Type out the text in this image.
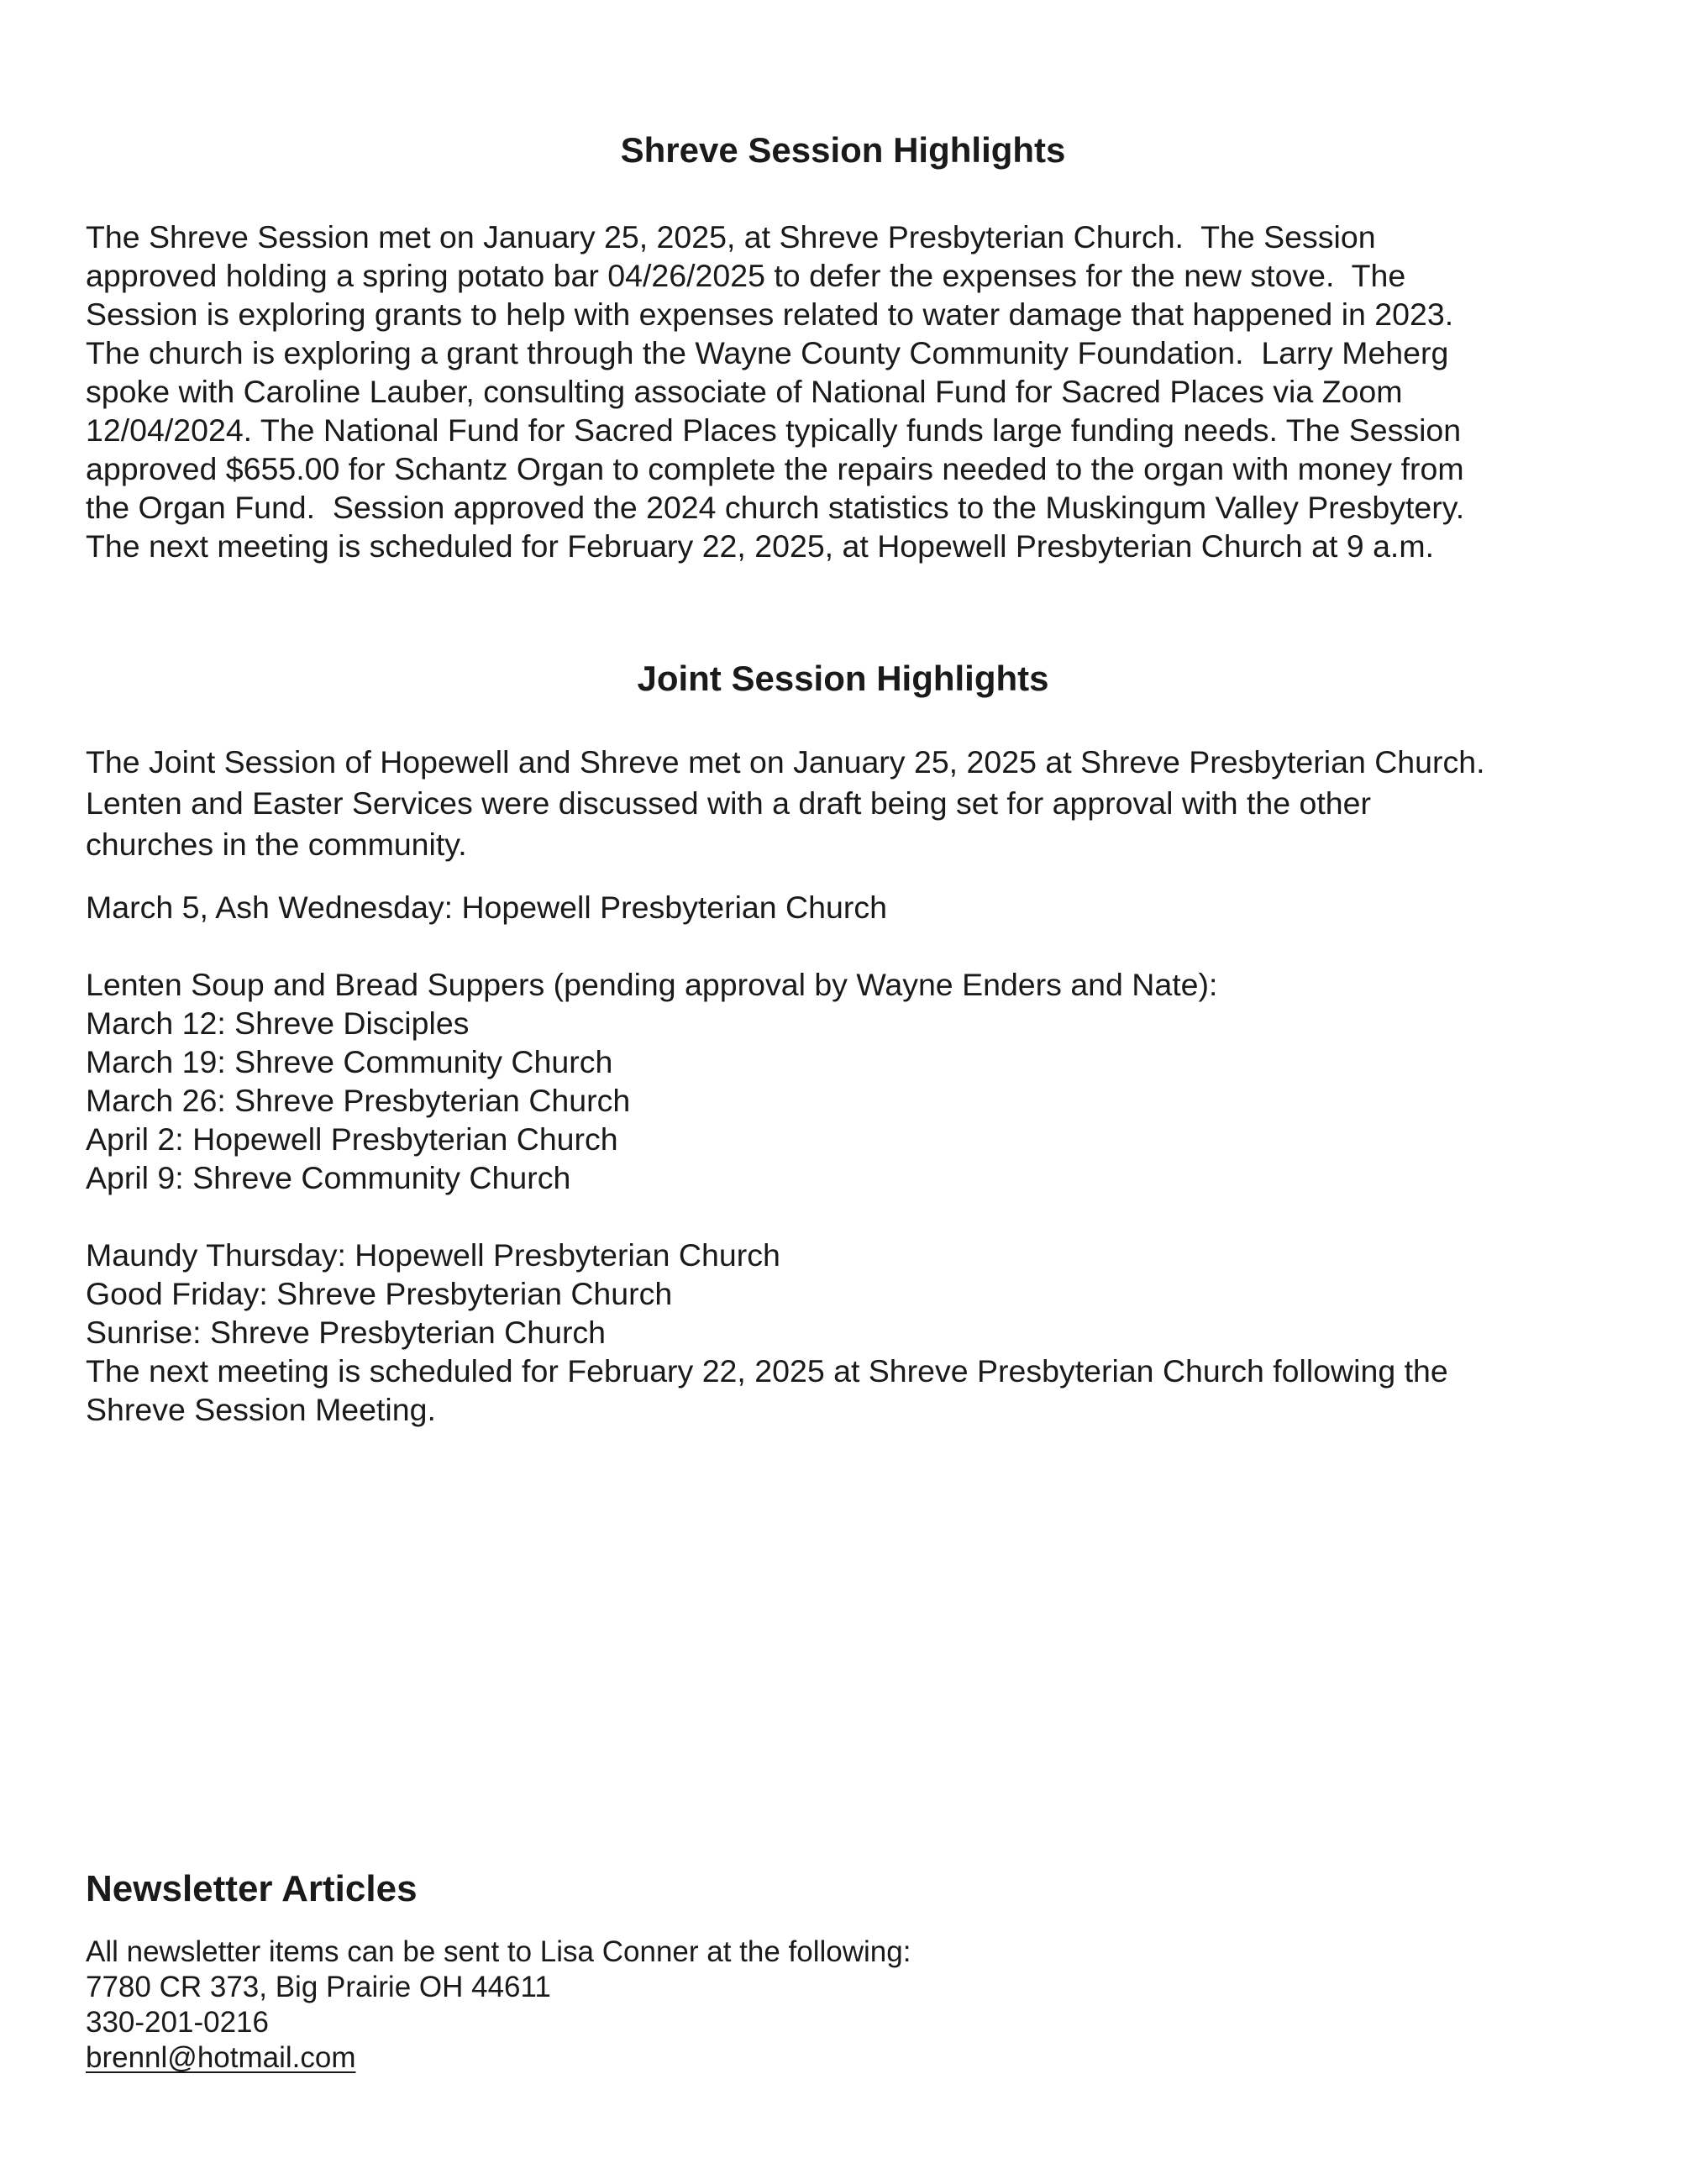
Shreve Session Highlights
The Shreve Session met on January 25, 2025, at Shreve Presbyterian Church.  The Session
approved holding a spring potato bar 04/26/2025 to defer the expenses for the new stove.  The
Session is exploring grants to help with expenses related to water damage that happened in 2023.
The church is exploring a grant through the Wayne County Community Foundation.  Larry Meherg
spoke with Caroline Lauber, consulting associate of National Fund for Sacred Places via Zoom
12/04/2024. The National Fund for Sacred Places typically funds large funding needs. The Session
approved $655.00 for Schantz Organ to complete the repairs needed to the organ with money from
the Organ Fund.  Session approved the 2024 church statistics to the Muskingum Valley Presbytery.
The next meeting is scheduled for February 22, 2025, at Hopewell Presbyterian Church at 9 a.m.
Joint Session Highlights
The Joint Session of Hopewell and Shreve met on January 25, 2025 at Shreve Presbyterian Church.
Lenten and Easter Services were discussed with a draft being set for approval with the other
churches in the community.
March 5, Ash Wednesday: Hopewell Presbyterian Church
Lenten Soup and Bread Suppers (pending approval by Wayne Enders and Nate):
March 12: Shreve Disciples
March 19: Shreve Community Church
March 26: Shreve Presbyterian Church
April 2: Hopewell Presbyterian Church
April 9: Shreve Community Church
Maundy Thursday: Hopewell Presbyterian Church
Good Friday: Shreve Presbyterian Church
Sunrise: Shreve Presbyterian Church
The next meeting is scheduled for February 22, 2025 at Shreve Presbyterian Church following the
Shreve Session Meeting.
Newsletter Articles
All newsletter items can be sent to Lisa Conner at the following:
7780 CR 373, Big Prairie OH 44611
330-201-0216
brennl@hotmail.com
